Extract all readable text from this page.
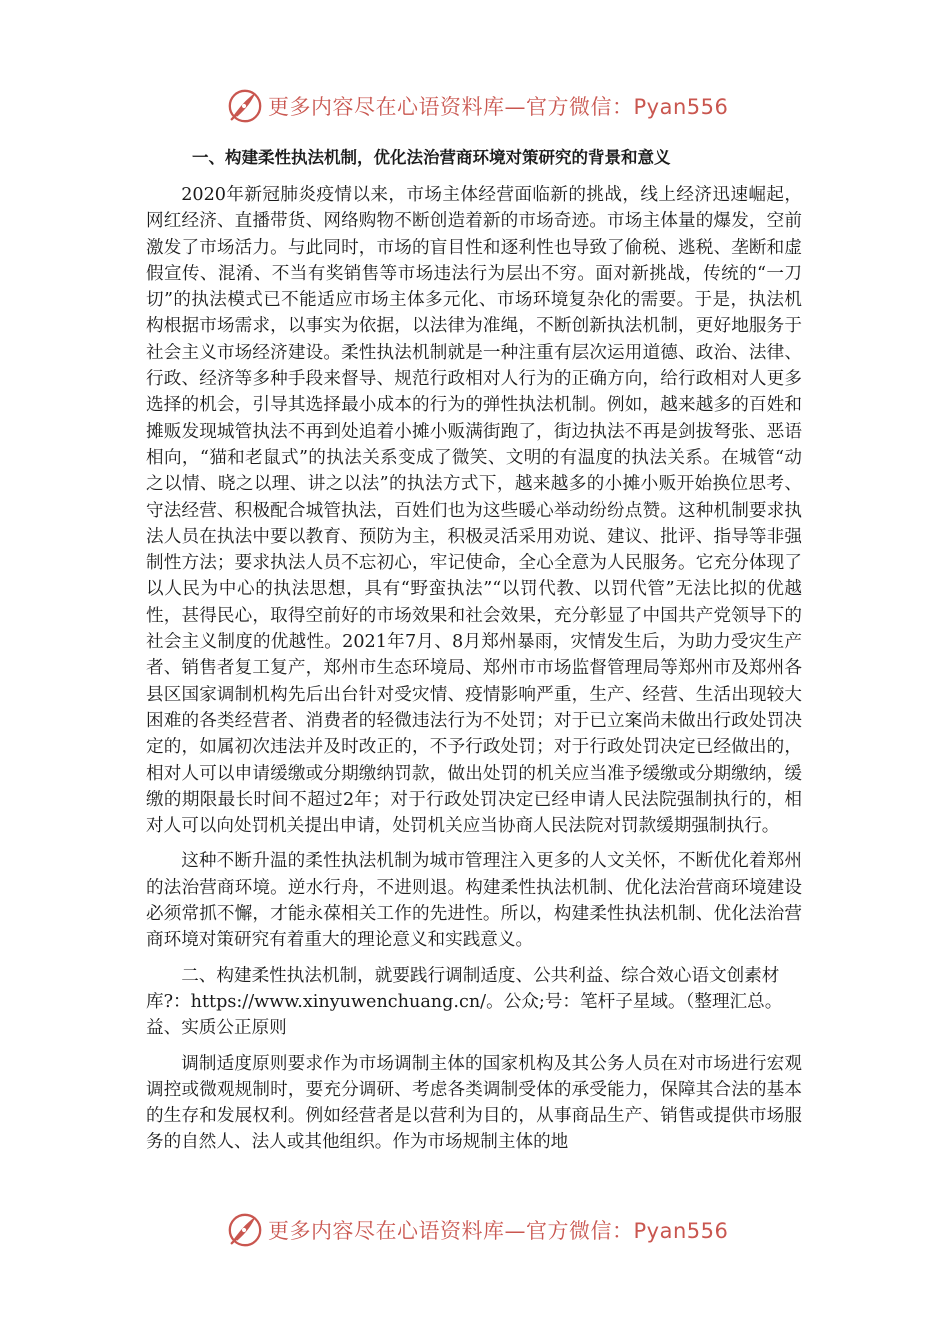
更多内容尽在心语资料库—官方微信：Pyan556
一、构建柔性执法机制，优化法治营商环境对策研究的背景和意义

2020年新冠肺炎疫情以来，市场主体经营面临新的挑战，线上经济迅速崛起，网红经济、直播带货、网络购物不断创造着新的市场奇迹。市场主体量的爆发，空前激发了市场活力。与此同时，市场的盲目性和逐利性也导致了偷税、逃税、垄断和虚假宣传、混淆、不当有奖销售等市场违法行为层出不穷。面对新挑战，传统的“一刀切”的执法模式已不能适应市场主体多元化、市场环境复杂化的需要。于是，执法机构根据市场需求，以事实为依据，以法律为准绳，不断创新执法机制，更好地服务于社会主义市场经济建设。柔性执法机制就是一种注重有层次运用道德、政治、法律、行政、经济等多种手段来督导、规范行政相对人行为的正确方向，给行政相对人更多选择的机会，引导其选择最小成本的行为的弹性执法机制。例如，越来越多的百姓和摊贩发现城管执法不再到处追着小摊小贩满街跑了，街边执法不再是剑拔弩张、恶语相向，“猫和老鼠式”的执法关系变成了微笑、文明的有温度的执法关系。在城管“动之以情、晓之以理、讲之以法”的执法方式下，越来越多的小摊小贩开始换位思考、守法经营、积极配合城管执法，百姓们也为这些暖心举动纷纷点赞。这种机制要求执法人员在执法中要以教育、预防为主，积极灵活采用劝说、建议、批评、指导等非强制性方法；要求执法人员不忘初心，牢记使命，全心全意为人民服务。它充分体现了以人民为中心的执法思想，具有“野蛮执法”“以罚代教、以罚代管”无法比拟的优越性，甚得民心，取得空前好的市场效果和社会效果，充分彰显了中国共产党领导下的社会主义制度的优越性。2021年7月、8月郑州暴雨，灾情发生后，为助力受灾生产者、销售者复工复产，郑州市生态环境局、郑州市市场监督管理局等郑州市及郑州各县区国家调制机构先后出台针对受灾情、疫情影响严重，生产、经营、生活出现较大困难的各类经营者、消费者的轻微违法行为不处罚；对于已立案尚未做出行政处罚决定的，如属初次违法并及时改正的，不予行政处罚；对于行政处罚决定已经做出的，相对人可以申请缓缴或分期缴纳罚款，做出处罚的机关应当准予缓缴或分期缴纳，缓缴的期限最长时间不超过2年；对于行政处罚决定已经申请人民法院强制执行的，相对人可以向处罚机关提出申请，处罚机关应当协商人民法院对罚款缓期强制执行。

这种不断升温的柔性执法机制为城市管理注入更多的人文关怀，不断优化着郑州的法治营商环境。逆水行舟，不进则退。构建柔性执法机制、优化法治营商环境建设必须常抓不懈，才能永葆相关工作的先进性。所以，构建柔性执法机制、优化法治营商环境对策研究有着重大的理论意义和实践意义。

二、构建柔性执法机制，就要践行调制适度、公共利益、综合效心语文创素材库?：https://www.xinyuwenchuang.cn/。公众;号：笔杆子星域。（整理汇总。益、实质公正原则

调制适度原则要求作为市场调制主体的国家机构及其公务人员在对市场进行宏观调控或微观规制时，要充分调研、考虑各类调制受体的承受能力，保障其合法的基本的生存和发展权利。例如经营者是以营利为目的，从事商品生产、销售或提供市场服务的自然人、法人或其他组织。作为市场规制主体的地

更多内容尽在心语资料库—官方微信：Pyan556
